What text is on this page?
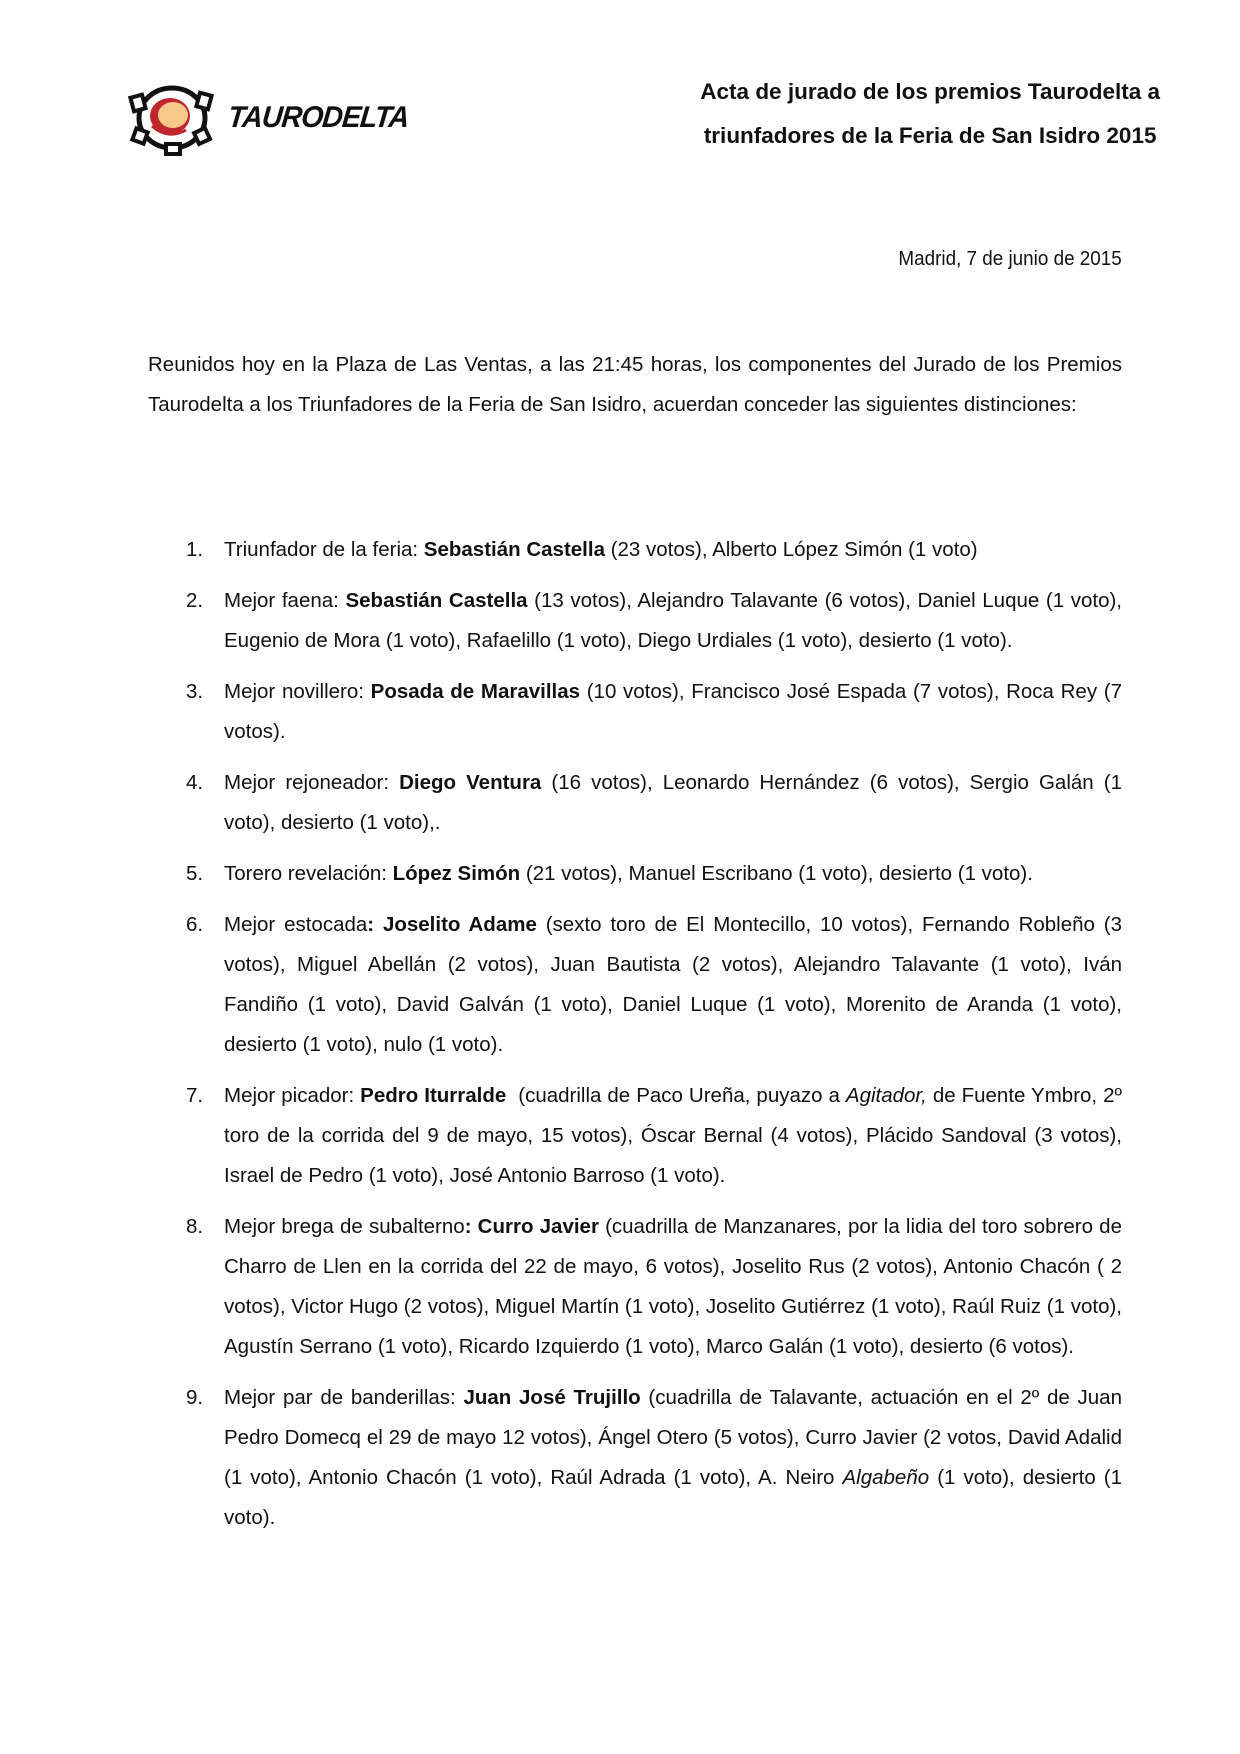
TAURODELTA
Acta de jurado de los premios Taurodelta a
triunfadores de la Feria de San Isidro 2015
Madrid, 7 de junio de 2015

Reunidos hoy en la Plaza de Las Ventas, a las 21:45 horas, los componentes del Jurado de los Premios Taurodelta a los Triunfadores de la Feria de San Isidro, acuerdan conceder las siguientes distinciones:

1. Triunfador de la feria: Sebastián Castella (23 votos), Alberto López Simón (1 voto)
2. Mejor faena: Sebastián Castella (13 votos), Alejandro Talavante (6 votos), Daniel Luque (1 voto), Eugenio de Mora (1 voto), Rafaelillo (1 voto), Diego Urdiales (1 voto), desierto (1 voto).
3. Mejor novillero: Posada de Maravillas (10 votos), Francisco José Espada (7 votos), Roca Rey (7 votos).
4. Mejor rejoneador: Diego Ventura (16 votos), Leonardo Hernández (6 votos), Sergio Galán (1 voto), desierto (1 voto),.
5. Torero revelación: López Simón (21 votos), Manuel Escribano (1 voto), desierto (1 voto).
6. Mejor estocada: Joselito Adame (sexto toro de El Montecillo, 10 votos), Fernando Robleño (3 votos), Miguel Abellán (2 votos), Juan Bautista (2 votos), Alejandro Talavante (1 voto), Iván Fandiño (1 voto), David Galván (1 voto), Daniel Luque (1 voto), Morenito de Aranda (1 voto), desierto (1 voto), nulo (1 voto).
7. Mejor picador: Pedro Iturralde  (cuadrilla de Paco Ureña, puyazo a Agitador, de Fuente Ymbro, 2º toro de la corrida del 9 de mayo, 15 votos), Óscar Bernal (4 votos), Plácido Sandoval (3 votos), Israel de Pedro (1 voto), José Antonio Barroso (1 voto).
8. Mejor brega de subalterno: Curro Javier (cuadrilla de Manzanares, por la lidia del toro sobrero de Charro de Llen en la corrida del 22 de mayo, 6 votos), Joselito Rus (2 votos), Antonio Chacón ( 2 votos), Victor Hugo (2 votos), Miguel Martín (1 voto), Joselito Gutiérrez (1 voto), Raúl Ruiz (1 voto), Agustín Serrano (1 voto), Ricardo Izquierdo (1 voto), Marco Galán (1 voto), desierto (6 votos).
9. Mejor par de banderillas: Juan José Trujillo (cuadrilla de Talavante, actuación en el 2º de Juan Pedro Domecq el 29 de mayo 12 votos), Ángel Otero (5 votos), Curro Javier (2 votos, David Adalid (1 voto), Antonio Chacón (1 voto), Raúl Adrada (1 voto), A. Neiro Algabeño (1 voto), desierto (1 voto).
